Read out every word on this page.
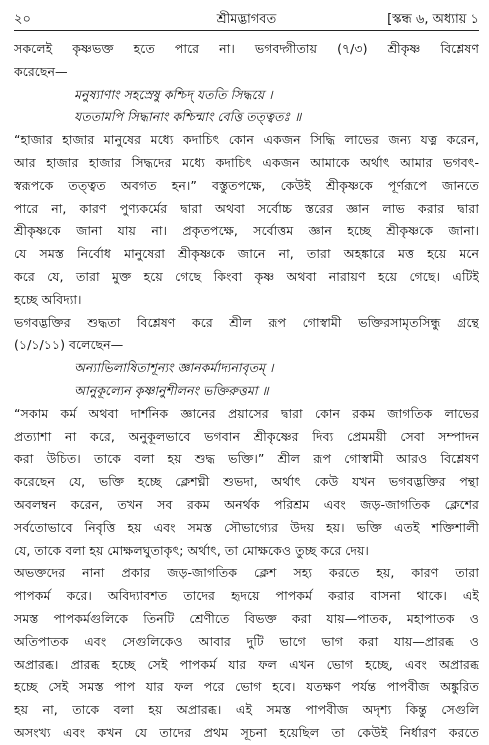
২০	শ্রীমদ্ভাগবত	[স্কন্ধ ৬, অধ্যায় ১
সকলেই কৃষ্ণভক্ত হতে পারে না। ভগবদ্গীতায় (৭/৩) শ্রীকৃষ্ণ বিশ্লেষণ
করেছেন—
মনুষ্যাণাং সহস্রেষু কশ্চিদ্ যততি সিদ্ধয়ে ।
যততামপি সিদ্ধানাং কশ্চিন্মাং বেত্তি তত্ত্বতঃ ॥
“হাজার হাজার মানুষের মধ্যে কদাচিৎ কোন একজন সিদ্ধি লাভের জন্য যত্ন করেন,
আর হাজার হাজার সিদ্ধদের মধ্যে কদাচিৎ একজন আমাকে অর্থাৎ আমার ভগবৎ-
স্বরূপকে তত্ত্বত অবগত হন।” বস্তুতপক্ষে, কেউই শ্রীকৃষ্ণকে পূর্ণরূপে জানতে
পারে না, কারণ পুণ্যকর্মের দ্বারা অথবা সর্বোচ্চ স্তরের জ্ঞান লাভ করার দ্বারা
শ্রীকৃষ্ণকে জানা যায় না। প্রকৃতপক্ষে, সর্বোত্তম জ্ঞান হচ্ছে শ্রীকৃষ্ণকে জানা।
যে সমস্ত নির্বোধ মানুষেরা শ্রীকৃষ্ণকে জানে না, তারা অহঙ্কারে মত্ত হয়ে মনে
করে যে, তারা মুক্ত হয়ে গেছে কিংবা কৃষ্ণ অথবা নারায়ণ হয়ে গেছে। এটিই
হচ্ছে অবিদ্যা।
ভগবদ্ভক্তির শুদ্ধতা বিশ্লেষণ করে শ্রীল রূপ গোস্বামী ভক্তিরসামৃতসিন্ধু গ্রন্থে
(১/১/১১) বলেছেন—
অন্যাভিলাষিতাশূন্যং জ্ঞানকর্মাদ্যনাবৃতম্ ।
আনুকূল্যেন কৃষ্ণানুশীলনং ভক্তিরুত্তমা ॥
“সকাম কর্ম অথবা দার্শনিক জ্ঞানের প্রয়াসের দ্বারা কোন রকম জাগতিক লাভের
প্রত্যাশা না করে, অনুকূলভাবে ভগবান শ্রীকৃষ্ণের দিব্য প্রেমময়ী সেবা সম্পাদন
করা উচিত। তাকে বলা হয় শুদ্ধ ভক্তি।” শ্রীল রূপ গোস্বামী আরও বিশ্লেষণ
করেছেন যে, ভক্তি হচ্ছে ক্লেশঘ্নী শুভদা, অর্থাৎ কেউ যখন ভগবদ্ভক্তির পন্থা
অবলম্বন করেন, তখন সব রকম অনর্থক পরিশ্রম এবং জড়-জাগতিক ক্লেশের
সর্বতোভাবে নিবৃত্তি হয় এবং সমস্ত সৌভাগ্যের উদয় হয়। ভক্তি এতই শক্তিশালী
যে, তাকে বলা হয় মোক্ষলঘুতাকৃৎ; অর্থাৎ, তা মোক্ষকেও তুচ্ছ করে দেয়।
অভক্তদের নানা প্রকার জড়-জাগতিক ক্লেশ সহ্য করতে হয়, কারণ তারা
পাপকর্ম করে। অবিদ্যাবশত তাদের হৃদয়ে পাপকর্ম করার বাসনা থাকে। এই
সমস্ত পাপকর্মগুলিকে তিনটি শ্রেণীতে বিভক্ত করা যায়—পাতক, মহাপাতক ও
অতিপাতক এবং সেগুলিকেও আবার দুটি ভাগে ভাগ করা যায়—প্রারব্ধ ও
অপ্রারব্ধ। প্রারব্ধ হচ্ছে সেই পাপকর্ম যার ফল এখন ভোগ হচ্ছে, এবং অপ্রারব্ধ
হচ্ছে সেই সমস্ত পাপ যার ফল পরে ভোগ হবে। যতক্ষণ পর্যন্ত পাপবীজ অঙ্কুরিত
হয় না, তাকে বলা হয় অপ্রারব্ধ। এই সমস্ত পাপবীজ অদৃশ্য কিন্তু সেগুলি
অসংখ্য এবং কখন যে তাদের প্রথম সূচনা হয়েছিল তা কেউই নির্ধারণ করতে
